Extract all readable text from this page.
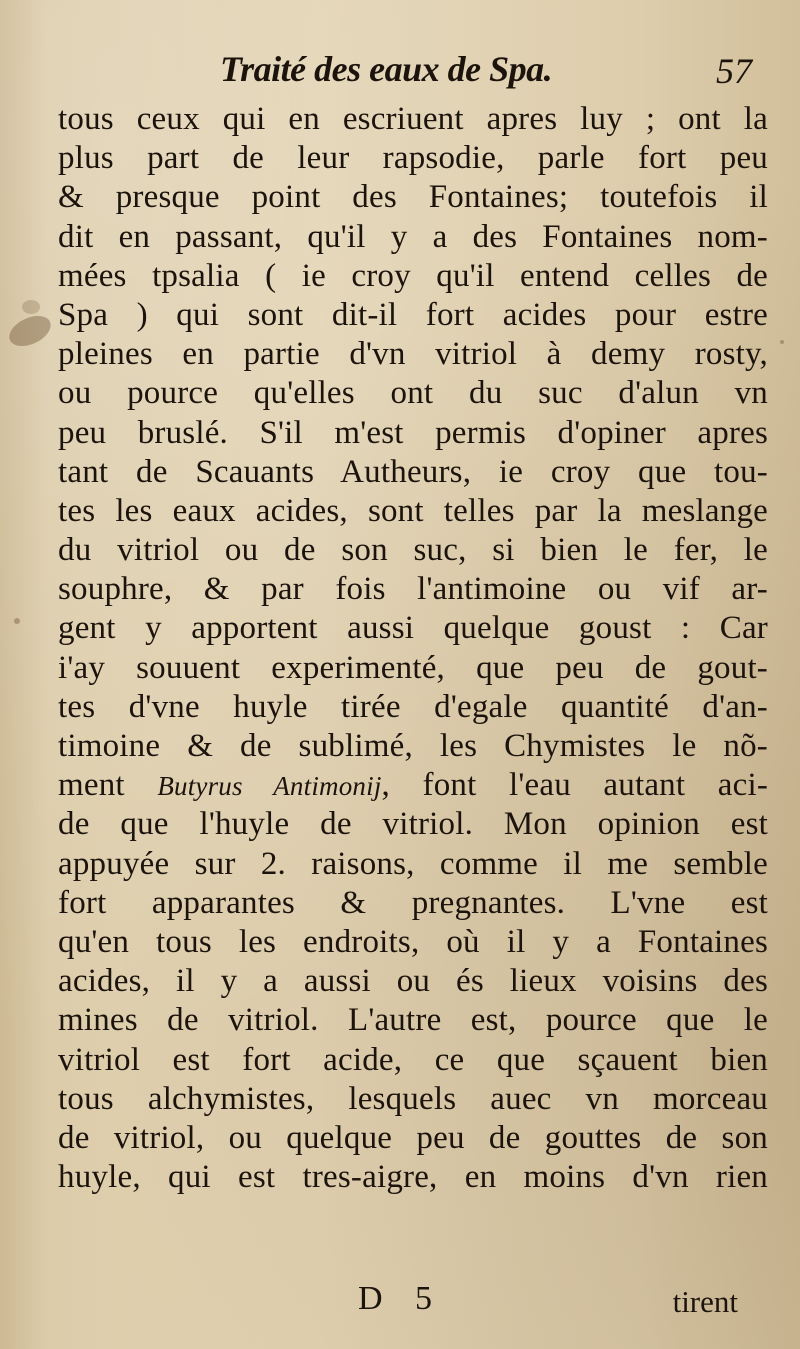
Traité des eaux de Spa.	57
tous ceux qui en escriuent apres luy ; ont la
plus part de leur rapsodie, parle fort peu
& presque point des Fontaines; toutefois il
dit en passant, qu'il y a des Fontaines nom-
mées tpsalia ( ie croy qu'il entend celles de
Spa ) qui sont dit-il fort acides pour estre
pleines en partie d'vn vitriol à demy rosty,
ou pource qu'elles ont du suc d'alun vn
peu bruslé. S'il m'est permis d'opiner apres
tant de Scauants Autheurs, ie croy que tou-
tes les eaux acides, sont telles par la meslange
du vitriol ou de son suc, si bien le fer, le
souphre, & par fois l'antimoine ou vif ar-
gent y apportent aussi quelque goust : Car
i'ay souuent experimenté, que peu de gout-
tes d'vne huyle tirée d'egale quantité d'an-
timoine & de sublimé, les Chymistes le nõ-
ment Butyrus Antimonij, font l'eau autant aci-
de que l'huyle de vitriol. Mon opinion est
appuyée sur 2. raisons, comme il me semble
fort apparantes & pregnantes. L'vne est
qu'en tous les endroits, où il y a Fontaines
acides, il y a aussi ou és lieux voisins des
mines de vitriol. L'autre est, pource que le
vitriol est fort acide, ce que sçauent bien
tous alchymistes, lesquels auec vn morceau
de vitriol, ou quelque peu de gouttes de son
huyle, qui est tres-aigre, en moins d'vn rien
D 5	tirent
